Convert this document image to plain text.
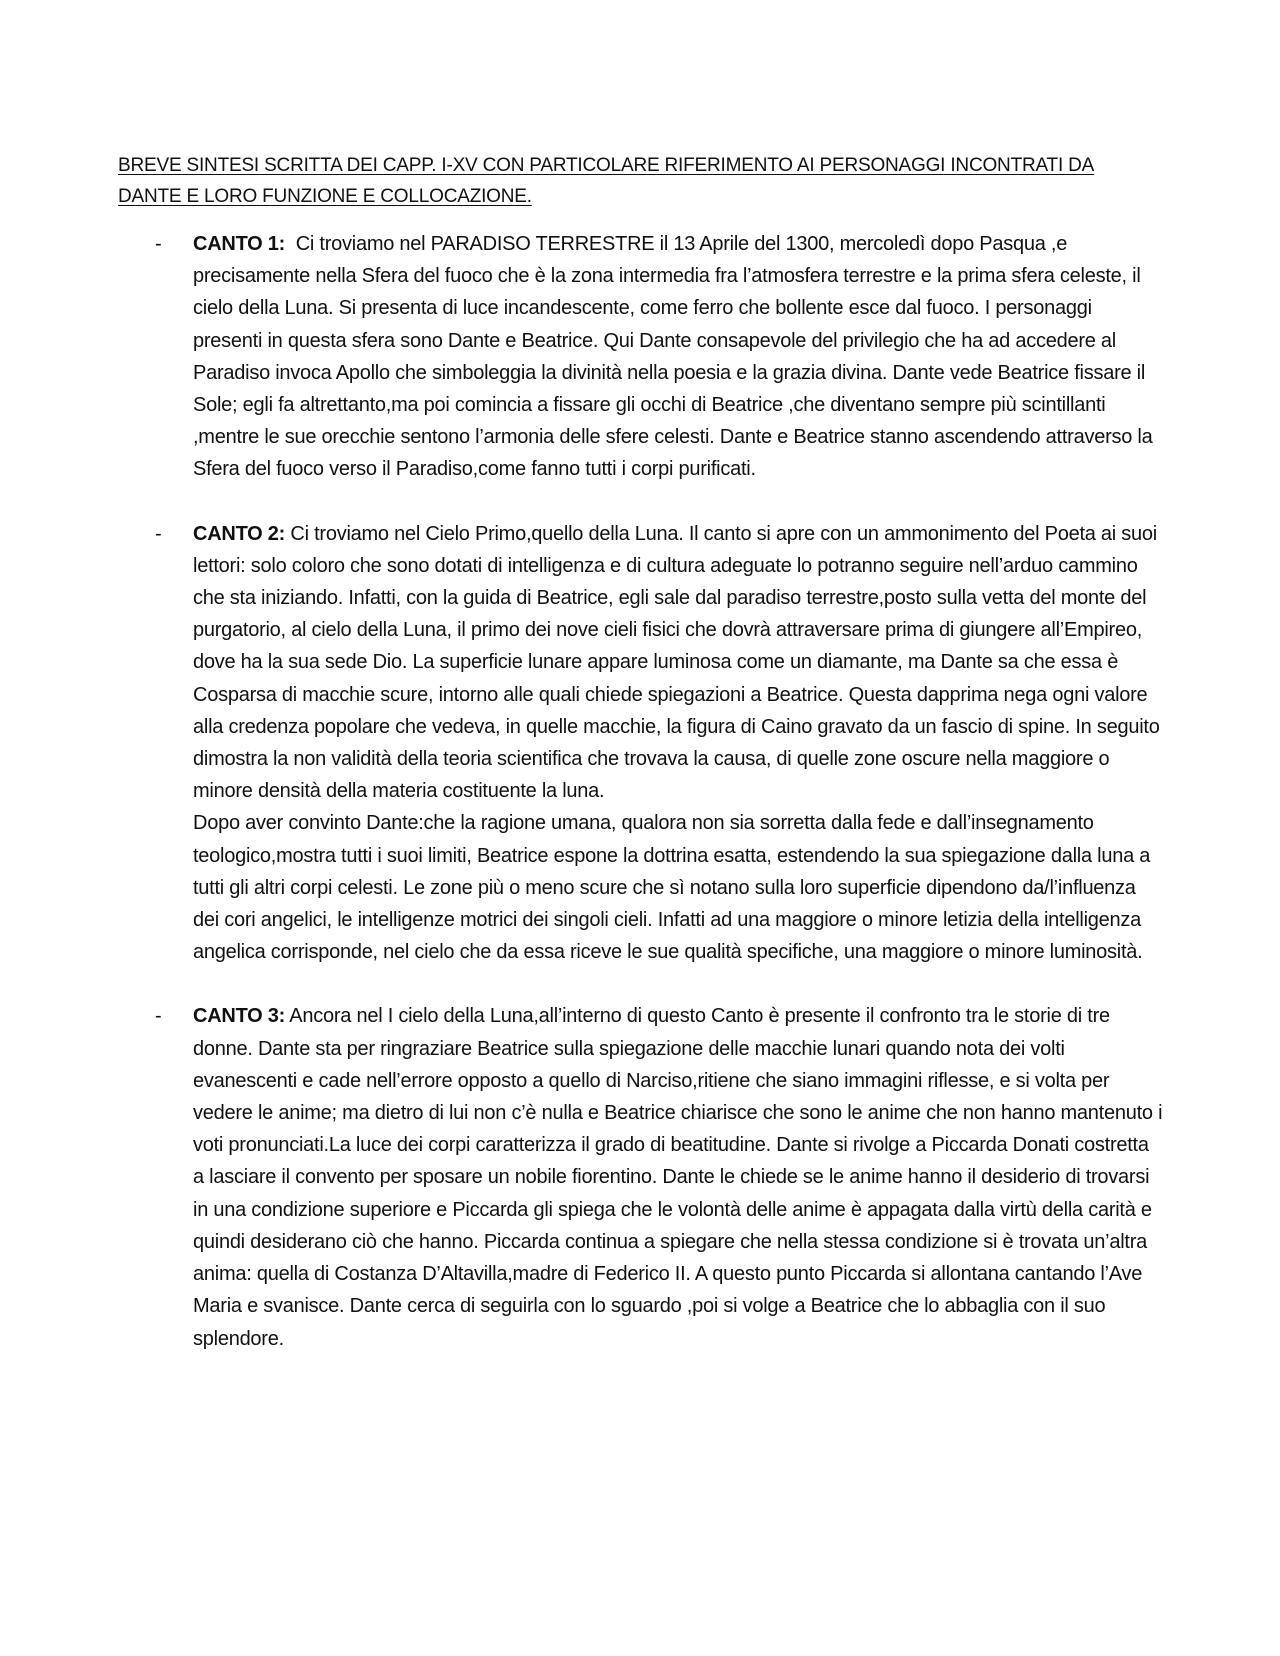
BREVE SINTESI SCRITTA DEI CAPP. I-XV CON PARTICOLARE RIFERIMENTO AI PERSONAGGI INCONTRATI DA DANTE E LORO FUNZIONE E COLLOCAZIONE.
- CANTO 1: Ci troviamo nel PARADISO TERRESTRE il 13 Aprile del 1300, mercoledì dopo Pasqua ,e precisamente nella Sfera del fuoco che è la zona intermedia fra l’atmosfera terrestre e la prima sfera celeste, il cielo della Luna. Si presenta di luce incandescente, come ferro che bollente esce dal fuoco. I personaggi presenti in questa sfera sono Dante e Beatrice. Qui Dante consapevole del privilegio che ha ad accedere al Paradiso invoca Apollo che simboleggia la divinità nella poesia e la grazia divina. Dante vede Beatrice fissare il Sole; egli fa altrettanto,ma poi comincia a fissare gli occhi di Beatrice ,che diventano sempre più scintillanti ,mentre le sue orecchie sentono l’armonia delle sfere celesti. Dante e Beatrice stanno ascendendo attraverso la Sfera del fuoco verso il Paradiso,come fanno tutti i corpi purificati.

- CANTO 2: Ci troviamo nel Cielo Primo,quello della Luna. Il canto si apre con un ammonimento del Poeta ai suoi lettori: solo coloro che sono dotati di intelligenza e di cultura adeguate lo potranno seguire nell’arduo cammino che sta iniziando. Infatti, con la guida di Beatrice, egli sale dal paradiso terrestre,posto sulla vetta del monte del purgatorio, al cielo della Luna, il primo dei nove cieli fisici che dovrà attraversare prima di giungere all’Empireo, dove ha la sua sede Dio. La superficie lunare appare luminosa come un diamante, ma Dante sa che essa è Cosparsa di macchie scure, intorno alle quali chiede spiegazioni a Beatrice. Questa dapprima nega ogni valore alla credenza popolare che vedeva, in quelle macchie, la figura di Caino gravato da un fascio di spine. In seguito dimostra la non validità della teoria scientifica che trovava la causa, di quelle zone oscure nella maggiore o minore densità della materia costituente la luna.

Dopo aver convinto Dante:che la ragione umana, qualora non sia sorretta dalla fede e dall’insegnamento teologico,mostra tutti i suoi limiti, Beatrice espone la dottrina esatta, estendendo la sua spiegazione dalla luna a tutti gli altri corpi celesti. Le zone più o meno scure che sì notano sulla loro superficie dipendono da/l’influenza dei cori angelici, le intelligenze motrici dei singoli cieli. Infatti ad una maggiore o minore letizia della intelligenza angelica corrisponde, nel cielo che da essa riceve le sue qualità specifiche, una maggiore o minore luminosità.

- CANTO 3: Ancora nel I cielo della Luna,all’interno di questo Canto è presente il confronto tra le storie di tre donne. Dante sta per ringraziare Beatrice sulla spiegazione delle macchie lunari quando nota dei volti evanescenti e cade nell’errore opposto a quello di Narciso,ritiene che siano immagini riflesse, e si volta per vedere le anime; ma dietro di lui non c’è nulla e Beatrice chiarisce che sono le anime che non hanno mantenuto i voti pronunciati.La luce dei corpi caratterizza il grado di beatitudine. Dante si rivolge a Piccarda Donati costretta a lasciare il convento per sposare un nobile fiorentino. Dante le chiede se le anime hanno il desiderio di trovarsi in una condizione superiore e Piccarda gli spiega che le volontà delle anime è appagata dalla virtù della carità e quindi desiderano ciò che hanno. Piccarda continua a spiegare che nella stessa condizione si è trovata un’altra anima: quella di Costanza D’Altavilla,madre di Federico II. A questo punto Piccarda si allontana cantando l’Ave Maria e svanisce. Dante cerca di seguirla con lo sguardo ,poi si volge a Beatrice che lo abbaglia con il suo splendore.
